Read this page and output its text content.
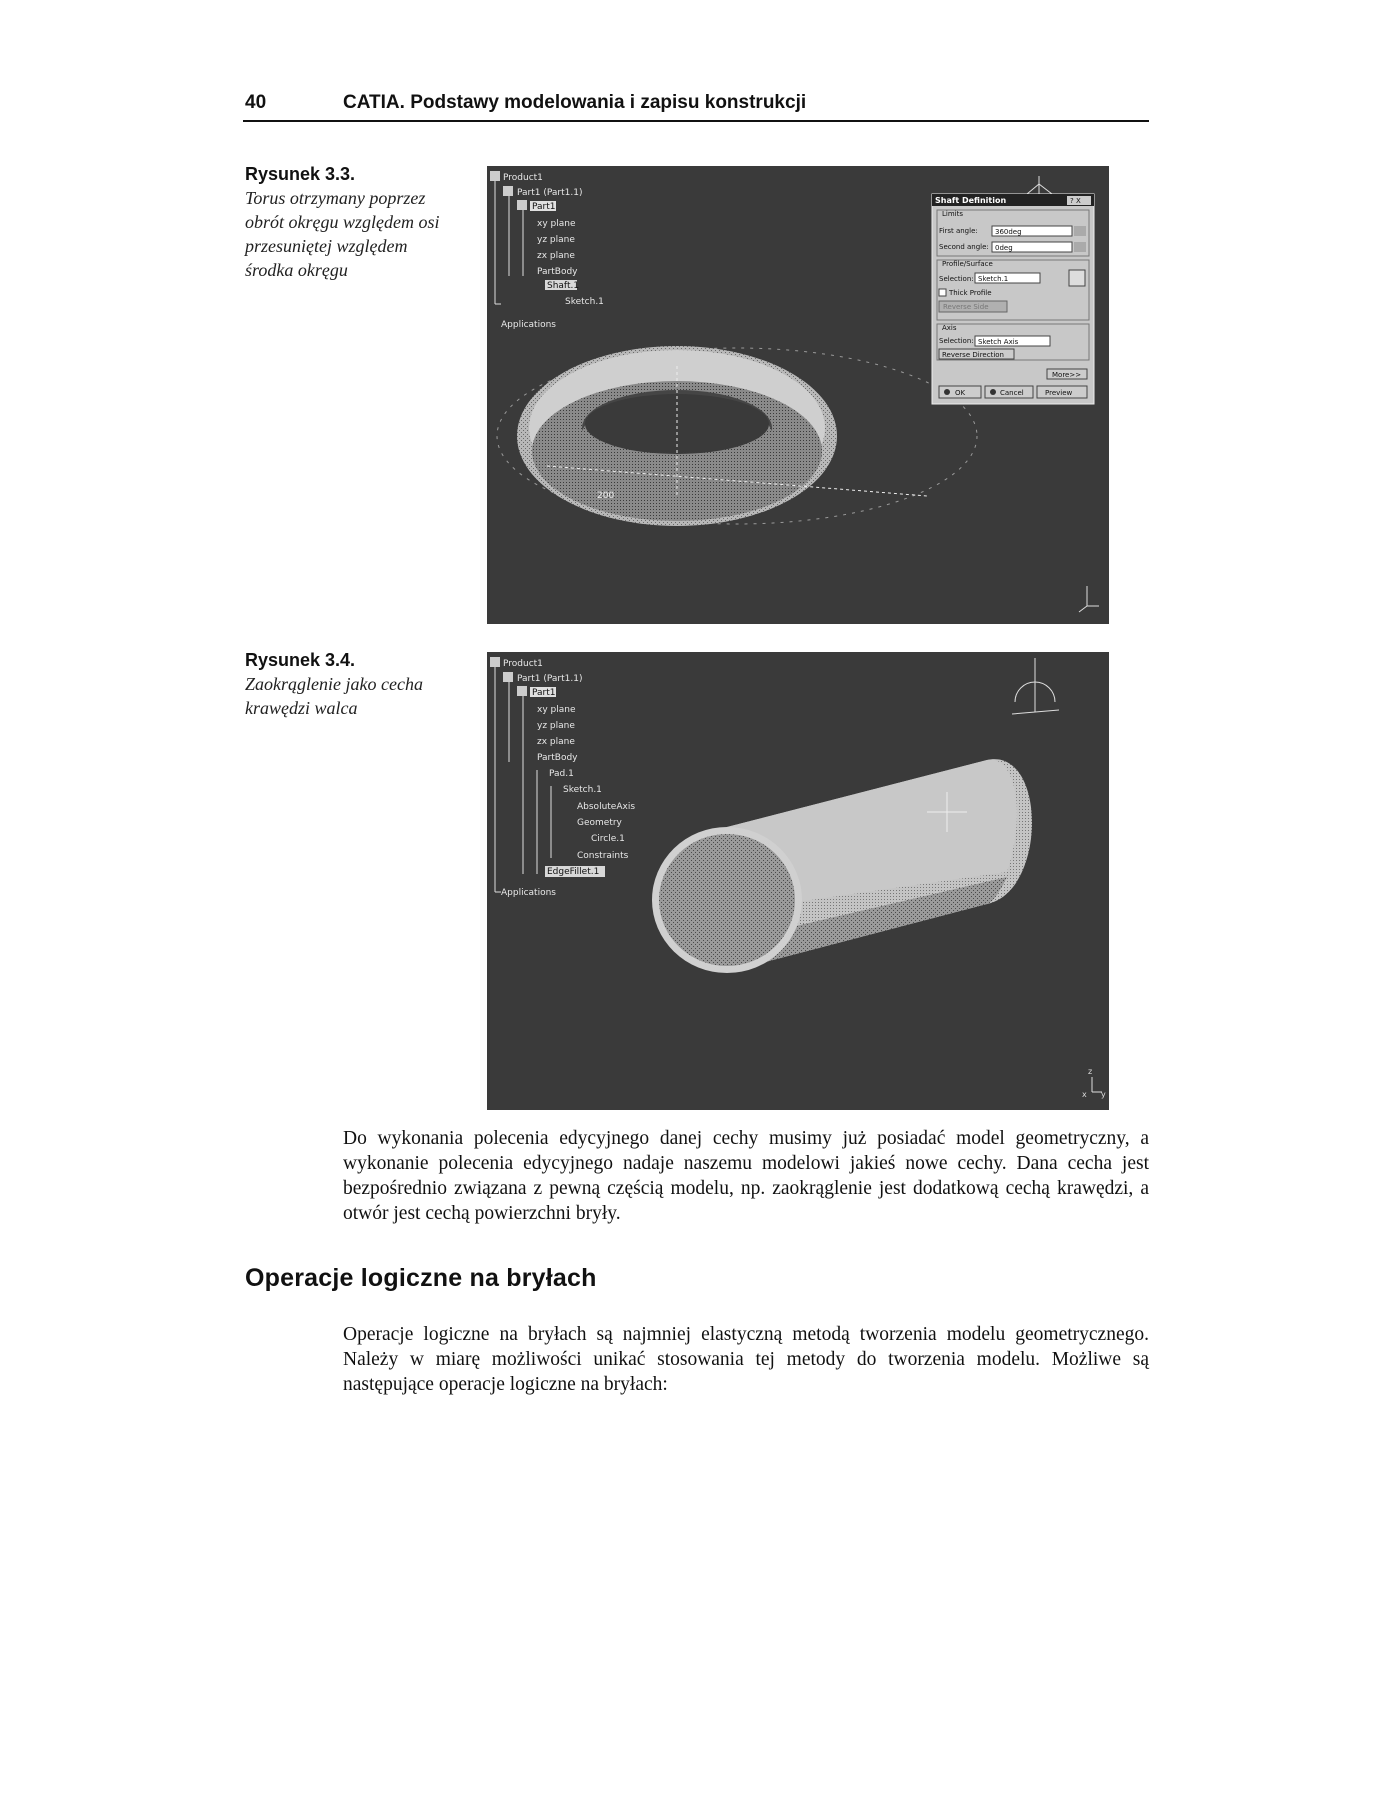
40	CATIA. Podstawy modelowania i zapisu konstrukcji
Rysunek 3.3.
Torus otrzymany poprzez obrót okręgu względem osi przesuniętej względem środka okręgu
Product1
Part1 (Part1.1)
Part1
xy plane
yz plane
zx plane
PartBody
Shaft.1
Sketch.1
Applications
200
Shaft Definition	? X
Limits
First angle: 360deg
Second angle: 0deg
Profile/Surface
Selection: Sketch.1
Thick Profile
Reverse Side
Axis
Selection: Sketch Axis
Reverse Direction
More>>
OK	Cancel	Preview
Rysunek 3.4.
Zaokrąglenie jako cecha krawędzi walca
Product1
Part1 (Part1.1)
Part1
xy plane
yz plane
zx plane
PartBody
Pad.1
Sketch.1
AbsoluteAxis
Geometry
Circle.1
Constraints
EdgeFillet.1
Applications
z
x y

Do wykonania polecenia edycyjnego danej cechy musimy już posiadać model geometryczny, a wykonanie polecenia edycyjnego nadaje naszemu modelowi jakieś nowe cechy. Dana cecha jest bezpośrednio związana z pewną częścią modelu, np. zaokrąglenie jest dodatkową cechą krawędzi, a otwór jest cechą powierzchni bryły.

Operacje logiczne na bryłach

Operacje logiczne na bryłach są najmniej elastyczną metodą tworzenia modelu geometrycznego. Należy w miarę możliwości unikać stosowania tej metody do tworzenia modelu. Możliwe są następujące operacje logiczne na bryłach:
